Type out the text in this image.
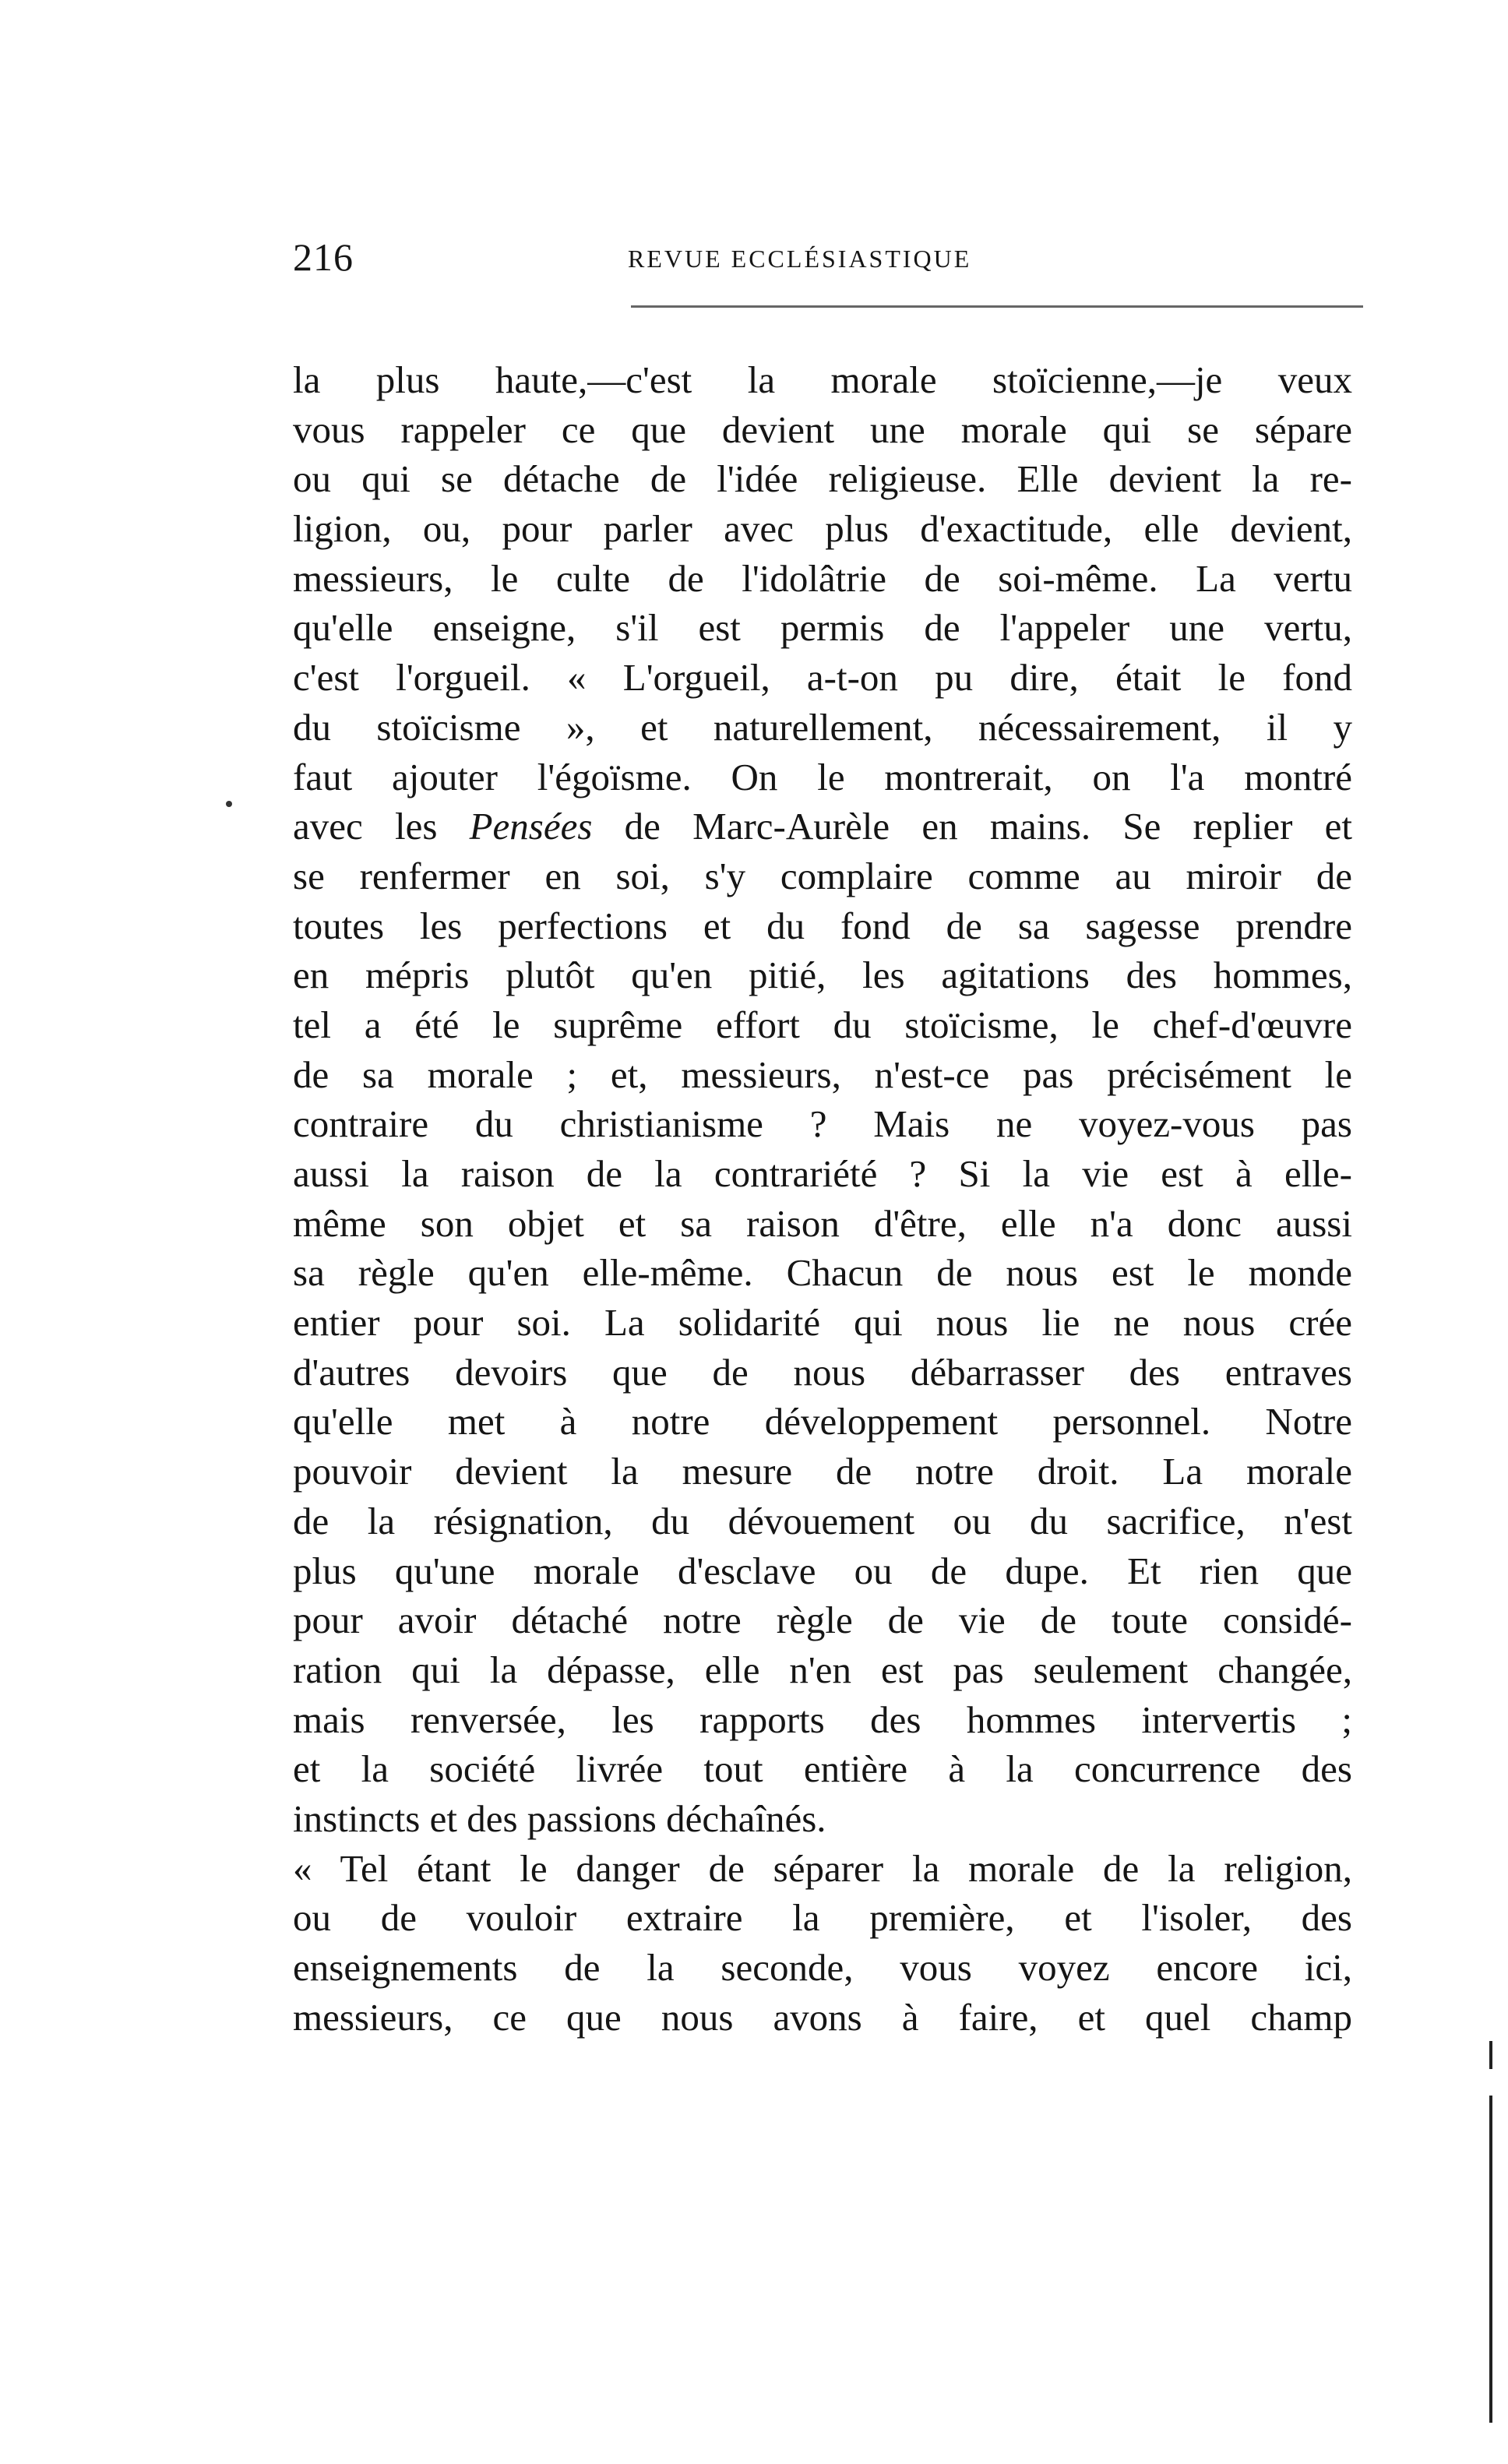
216	REVUE ECCLÉSIASTIQUE
la plus haute,—c'est la morale stoïcienne,—je veux
vous rappeler ce que devient une morale qui se sépare
ou qui se détache de l'idée religieuse. Elle devient la re-
ligion, ou, pour parler avec plus d'exactitude, elle devient,
messieurs, le culte de l'idolâtrie de soi-même. La vertu
qu'elle enseigne, s'il est permis de l'appeler une vertu,
c'est l'orgueil. « L'orgueil, a-t-on pu dire, était le fond
du stoïcisme », et naturellement, nécessairement, il y
faut ajouter l'égoïsme. On le montrerait, on l'a montré
avec les Pensées de Marc-Aurèle en mains. Se replier et
se renfermer en soi, s'y complaire comme au miroir de
toutes les perfections et du fond de sa sagesse prendre
en mépris plutôt qu'en pitié, les agitations des hommes,
tel a été le suprême effort du stoïcisme, le chef-d'œuvre
de sa morale ; et, messieurs, n'est-ce pas précisément le
contraire du christianisme ? Mais ne voyez-vous pas
aussi la raison de la contrariété ? Si la vie est à elle-
même son objet et sa raison d'être, elle n'a donc aussi
sa règle qu'en elle-même. Chacun de nous est le monde
entier pour soi. La solidarité qui nous lie ne nous crée
d'autres devoirs que de nous débarrasser des entraves
qu'elle met à notre développement personnel. Notre
pouvoir devient la mesure de notre droit. La morale
de la résignation, du dévouement ou du sacrifice, n'est
plus qu'une morale d'esclave ou de dupe. Et rien que
pour avoir détaché notre règle de vie de toute considé-
ration qui la dépasse, elle n'en est pas seulement changée,
mais renversée, les rapports des hommes intervertis ;
et la société livrée tout entière à la concurrence des
instincts et des passions déchaînés.
« Tel étant le danger de séparer la morale de la religion,
ou de vouloir extraire la première, et l'isoler, des
enseignements de la seconde, vous voyez encore ici,
messieurs, ce que nous avons à faire, et quel champ
